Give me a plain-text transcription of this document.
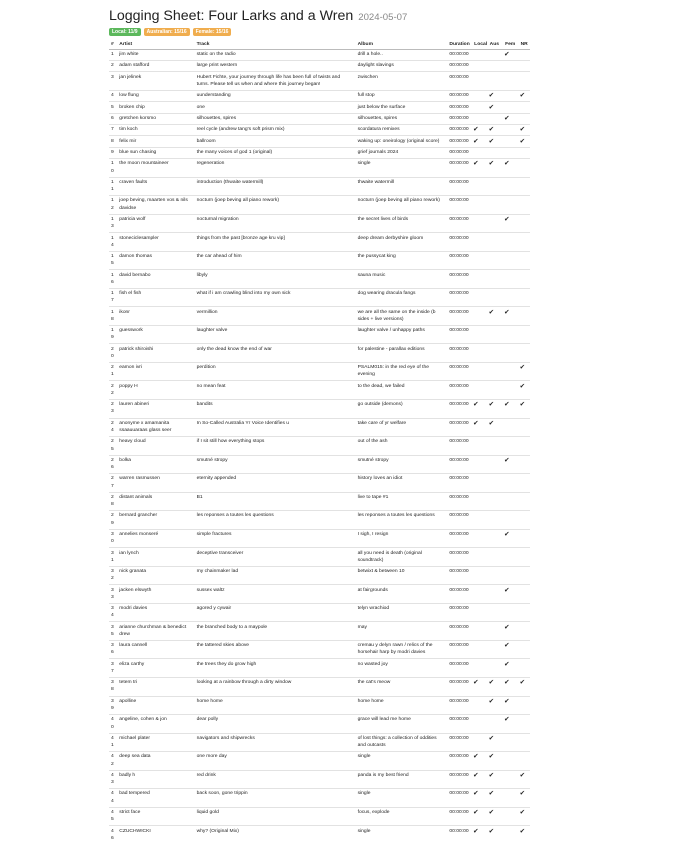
Logging Sheet: Four Larks and a Wren 2024-05-07
Local: 11/9	Australian: 15/16	Female: 15/16
#	Artist	Track	Album	Duration	Local	Aus	Fem	NR
1	jim white	static on the radio	drill a hole..	00:00:00			✔	
2	adam stafford	large print western	daylight slavings	00:00:00				
3	jan jelinek	Hubert Fichte, your journey through life has been full of twists and turns. Please tell us when and where this journey began!	zwischen	00:00:00				
4	low flung	uunderstanding	full stop	00:00:00		✔		✔
5	broken chip	one	just below the surface	00:00:00		✔		
6	gretchen korsmo	silhouettes, spires	silhouettes, spires	00:00:00			✔	
7	tim koch	reel cycle (andrew tang's soft prism mix)	scordatura remixes	00:00:00	✔	✔		✔
8	felix mir	ballroom	waking up: oneirology (original score)	00:00:00	✔	✔		✔
9	blue sun chasing	the many voices of god 1 (original)	grief journals 2024	00:00:00				
10	the moon mountaineer	regeneration	single	00:00:00	✔	✔	✔	
11	craven faults	introduction (thwaite watermill)	thwaite watermill	00:00:00				
12	joep beving, maarten vos & nils davidse	nocturn (joep beving all piano rework)	nocturn (joep beving all piano rework)	00:00:00				
13	patricia wolf	nocturnal migration	the secret lives of birds	00:00:00			✔	
14	stoneciclesampler	things from the past [bronze age kru vip]	deep dream derbyshire gloom	00:00:00				
15	damon thomas	the car ahead of him	the pussycat king	00:00:00				
16	david bernabo	libyly	sauna music	00:00:00				
17	fish el fish	what if i am crawling blind into my own sick	dog wearing dracula fangs	00:00:00				
18	ikonr	vermillion	we are all the same on the inside (b sides + live versions)	00:00:00		✔	✔	
19	guesswork	laughter valve	laughter valve / unhappy paths	00:00:00				
20	patrick shiroishi	only the dead know the end of war	for palestine - parallax editions	00:00:00				
21	eamon ivri	perdition	PSALM015: in the red eye of the evening	00:00:00				✔
22	poppy H	no mean feat	to the dead, we failed	00:00:00				✔
23	lauren abineri	bandits	go outside (demons)	00:00:00	✔	✔	✔	✔
24	anonymе x amamanita ssaauuaraas glass seer	In So-Called Australia Yr Voice Identifies u	take care of yr welfare	00:00:00	✔	✔		
25	heavy cloud	if I sit still how everything stops	out of the ash	00:00:00				
26	bolka	smutné stropy	smutné stropy	00:00:00			✔	
27	warren rasmussen	eternity appended	history loves an idiot	00:00:00				
28	distant animals	B1	live to tape #1	00:00:00				
29	bernard grancher	les reponses a toutes les questions	les reponses a toutes les questions	00:00:00				
30	annelies monseré	simple fractures	I sigh, I resign	00:00:00			✔	
31	ian lynch	deceptive transceiver	all you need is death (original soundtrack)	00:00:00				
32	nick granata	my chainmaker lad	betwixt & between 10	00:00:00				
33	jacken elswyth	sussex waltz	at fairgrounds	00:00:00			✔	
34	modri davies	agored y cywair	telyn wrachiod	00:00:00				
35	arianne churchman & benedict drew	the branched body to a maypole	may	00:00:00			✔	
36	laura cannell	the tattered skies above	cremau y delyn rawn / relics of the horsehair harp by modri davies	00:00:00			✔	
37	eliza carthy	the trees they do grow high	no wasted joy	00:00:00			✔	
38	tetem tri	looking at a rainbow through a dirty window	the cat's meow	00:00:00	✔	✔	✔	✔
39	apolline	home home	home home	00:00:00		✔	✔	
40	angeline, cohen & jon	dear polly	grace will lead me home	00:00:00			✔	
41	michael plater	navigators and shipwrecks	of lost things: a collection of oddities and outcasts	00:00:00		✔		
42	deep sea data	one more day	single	00:00:00	✔	✔		
43	badly h	red drink	panda is my best friend	00:00:00	✔	✔		✔
44	bad tempered	back soon, gone trippin	single	00:00:00	✔	✔		✔
45	strict face	liquid gold	focus, explode	00:00:00	✔	✔		✔
46	CZUCHWICKI	why? (Original Mix)	single	00:00:00	✔	✔		✔
